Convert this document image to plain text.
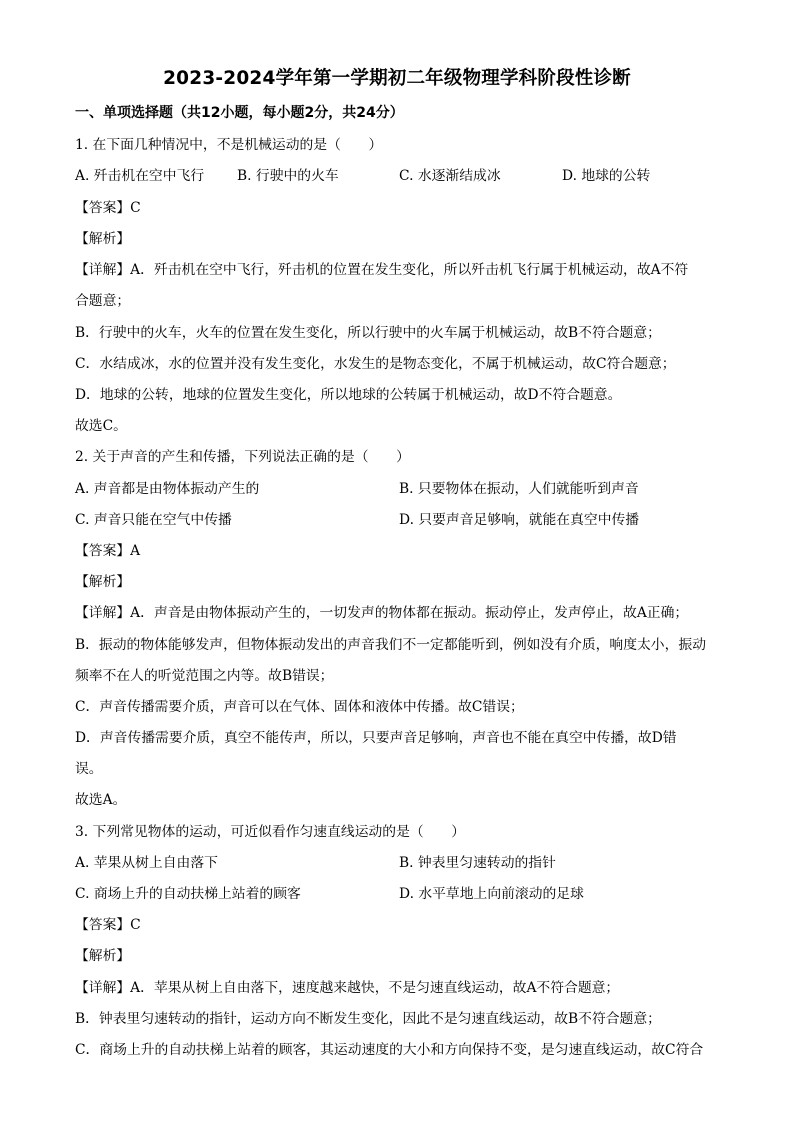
2023-2024学年第一学期初二年级物理学科阶段性诊断
一、单项选择题（共12小题，每小题2分，共24分）
1. 在下面几种情况中，不是机械运动的是（　　）
A. 歼击机在空中飞行 B. 行驶中的火车	C. 水逐渐结成冰	D. 地球的公转
【答案】C
【解析】
【详解】A．歼击机在空中飞行，歼击机的位置在发生变化，所以歼击机飞行属于机械运动，故A不符
合题意；
B．行驶中的火车，火车的位置在发生变化，所以行驶中的火车属于机械运动，故B不符合题意；
C．水结成冰，水的位置并没有发生变化，水发生的是物态变化，不属于机械运动，故C符合题意；
D．地球的公转，地球的位置发生变化，所以地球的公转属于机械运动，故D不符合题意。
故选C。
2. 关于声音的产生和传播，下列说法正确的是（　　）
A. 声音都是由物体振动产生的	B. 只要物体在振动，人们就能听到声音
C. 声音只能在空气中传播	D. 只要声音足够响，就能在真空中传播
【答案】A
【解析】
【详解】A．声音是由物体振动产生的，一切发声的物体都在振动。振动停止，发声停止，故A正确；
B．振动的物体能够发声，但物体振动发出的声音我们不一定都能听到，例如没有介质，响度太小，振动
频率不在人的听觉范围之内等。故B错误；
C．声音传播需要介质，声音可以在气体、固体和液体中传播。故C错误；
D．声音传播需要介质，真空不能传声，所以，只要声音足够响，声音也不能在真空中传播，故D错
误。
故选A。
3. 下列常见物体的运动，可近似看作匀速直线运动的是（　　）
A. 苹果从树上自由落下	B. 钟表里匀速转动的指针
C. 商场上升的自动扶梯上站着的顾客	D. 水平草地上向前滚动的足球
【答案】C
【解析】
【详解】A．苹果从树上自由落下，速度越来越快，不是匀速直线运动，故A不符合题意；
B．钟表里匀速转动的指针，运动方向不断发生变化，因此不是匀速直线运动，故B不符合题意；
C．商场上升的自动扶梯上站着的顾客，其运动速度的大小和方向保持不变，是匀速直线运动，故C符合
